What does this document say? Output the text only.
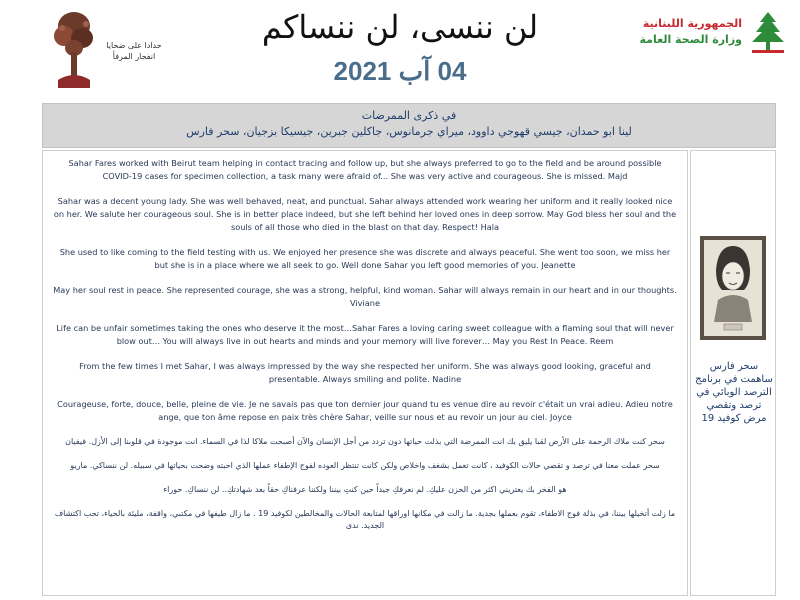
حدادا على ضحايا
انفجار المرفأ
لن ننسى، لن ننساكم
04 آب 2021
الجمهورية اللبنانية
وزارة الصحة العامة
في ذكرى الممرضات
لينا ابو حمدان، جيسي قهوجي داوود، ميراي جرمانوس، جاكلين جبرين، جيسيكا بزجيان، سحر فارس

Sahar Fares worked with Beirut team helping in contact tracing and follow up, but she always preferred to go to the field and be around possible COVID-19 cases for specimen collection, a task many were afraid of... She was very active and courageous. She is missed. Majd

Sahar was a decent young lady. She was well behaved, neat, and punctual. Sahar always attended work wearing her uniform and it really looked nice on her. We salute her courageous soul. She is in better place indeed, but she left behind her loved ones in deep sorrow. May God bless her soul and the souls of all those who died in the blast on that day. Respect! Hala

She used to like coming to the field testing with us. We enjoyed her presence she was discrete and always peaceful. She went too soon, we miss her but she is in a place where we all seek to go. Well done Sahar you left good memories of you. Jeanette

May her soul rest in peace. She represented courage, she was a strong, helpful, kind woman. Sahar will always remain in our heart and in our thoughts. Viviane

Life can be unfair sometimes taking the ones who deserve it the most…Sahar Fares a loving caring sweet colleague with a flaming soul that will never blow out… You will always live in out hearts and minds and your memory will live forever… May you Rest In Peace. Reem

From the few times I met Sahar, I was always impressed by the way she respected her uniform. She was always good looking, graceful and presentable. Always smiling and polite. Nadine

Courageuse, forte, douce, belle, pleine de vie. Je ne savais pas que ton dernier jour quand tu es venue dire au revoir c'était un vrai adieu. Adieu notre ange, que ton âme repose en paix très chère Sahar, veille sur nous et au revoir un jour au ciel. Joyce

سحر كنت ملاك الرحمة على الأرض لقبا يليق بك انت الممرضة التي بذلت حياتها دون تردد من أجل الإنسان والآن أصبحت ملاكا لذا في السماء. انت موجودة في قلوبنا إلى الأزل. فيفيان

سحر عملت معنا في ترصد و تقصي حالات الكوفيد ، كانت تعمل بشغف واخلاص ولكن كانت تنتظر العوده لفوج الإطفاء عملها الذي احبته وضحت بحياتها في سبيله. لن ننساكي. ماريو

هو الفخر بك يعتريني اكثر من الحزن عليكِ. لم نعرفكِ جيداً حين كنتِ بيننا ولكننا عرفناكِ حقاً بعد شهادتكِ.. لن ننساكِ. حوراء

ما زلت أتخيلها بيننا، في بذلة فوج الاطفاء، تقوم بعملها بجدية. ما زالت في مكانها اوراقها لمتابعة الحالات والمخالطين لكوفيد 19 . ما زال طيفها في مكتبي، واقفة، مليئة بالحياء، تحب اكتشاف الجديد. ندى

سحر فارس ساهمت في برنامج الترصد الوبائي في ترصد وتقصي مرض كوفيد 19
